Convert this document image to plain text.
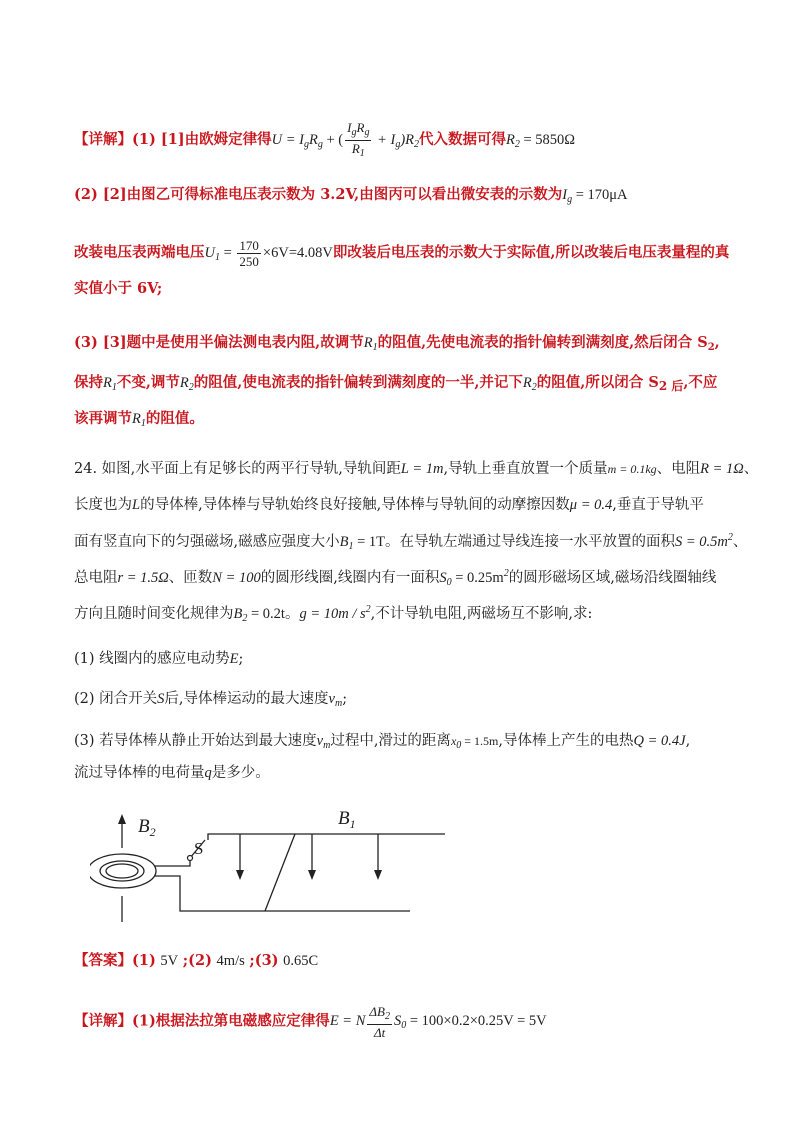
【详解】(1) [1]由欧姆定律得$U = I_gR_g$ + ( $\frac{I_gR_g}{R_1} + I_g)R_2$代入数据可得$R_2 = 5850\Omega$
(2) [2]由图乙可得标准电压表示数为 3.2V,由图丙可以看出微安表的示数为$I_g = 170\mu A$
改装电压表两端电压$U_1 = \frac{170}{250} \times 6V=4.08V$即改装后电压表的示数大于实际值,所以改装后电压表量程的真
实值小于 6V;
(3) [3]题中是使用半偏法测电表内阻,故调节$R_1$的阻值,先使电流表的指针偏转到满刻度,然后闭合 $S_2$,
保持$R_1$不变,调节$R_2$的阻值,使电流表的指针偏转到满刻度的一半,并记下$R_2$的阻值,所以闭合 $S_{2 后}$,不应
该再调节$R_1$的阻值。
24. 如图,水平面上有足够长的两平行导轨,导轨间距L = 1m,导轨上垂直放置一个质量m = 0.1kg、电阻R = 1Ω、
长度也为L的导体棒,导体棒与导轨始终良好接触,导体棒与导轨间的动摩擦因数μ = 0.4,垂直于导轨平
面有竖直向下的匀强磁场,磁感应强度大小$B_1 = 1T$。在导轨左端通过导线连接一水平放置的面积$S = 0.5m^2$、
总电阻r = 1.5Ω、匝数N = 100的圆形线圈,线圈内有一面积$S_0 = 0.25m^2$的圆形磁场区域,磁场沿线圈轴线
方向且随时间变化规律为$B_2 = 0.2t$。$g = 10m / s^2$,不计导轨电阻,两磁场互不影响,求:
(1) 线圈内的感应电动势E;
(2) 闭合开关S后,导体棒运动的最大速度$v_m$;
(3) 若导体棒从静止开始达到最大速度$v_m$过程中,滑过的距离$x_0 = 1.5m$,导体棒上产生的电热Q = 0.4J,
流过导体棒的电荷量q是多少。
$B_2$
S
$B_1$
【答案】(1) 5V ;(2) 4m/s ;(3) 0.65C
【详解】(1)根据法拉第电磁感应定律得E = N $\frac{\Delta B_2}{\Delta t} S_0 = 100\times 0.2\times 0.25V = 5V$
